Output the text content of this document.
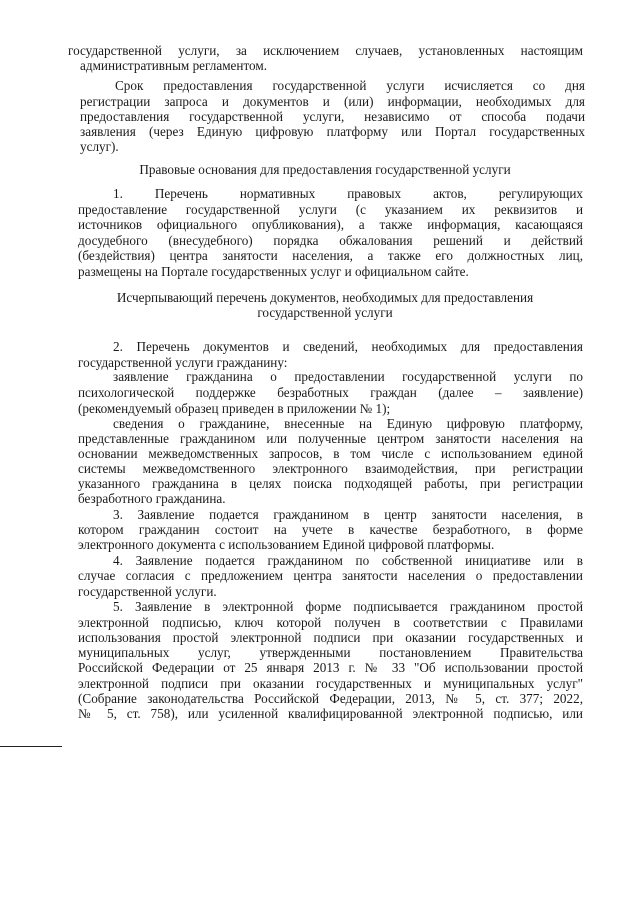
государственной услуги, за исключением случаев, установленных настоящим
административным регламентом.
Срок предоставления государственной услуги исчисляется со дня
регистрации запроса и документов и (или) информации, необходимых для
предоставления государственной услуги, независимо от способа подачи
заявления (через Единую цифровую платформу или Портал государственных
услуг).
Правовые основания для предоставления государственной услуги
1. Перечень нормативных правовых актов, регулирующих
предоставление государственной услуги (с указанием их реквизитов и
источников официального опубликования), а также информация, касающаяся
досудебного (внесудебного) порядка обжалования решений и действий
(бездействия) центра занятости населения, а также его должностных лиц,
размещены на Портале государственных услуг и официальном сайте.
Исчерпывающий перечень документов, необходимых для предоставления
государственной услуги
2. Перечень документов и сведений, необходимых для предоставления
государственной услуги гражданину:
заявление гражданина о предоставлении государственной услуги по
психологической поддержке безработных граждан (далее – заявление)
(рекомендуемый образец приведен в приложении № 1);
сведения о гражданине, внесенные на Единую цифровую платформу,
представленные гражданином или полученные центром занятости населения на
основании межведомственных запросов, в том числе с использованием единой
системы межведомственного электронного взаимодействия, при регистрации
указанного гражданина в целях поиска подходящей работы, при регистрации
безработного гражданина.
3. Заявление подается гражданином в центр занятости населения, в
котором гражданин состоит на учете в качестве безработного, в форме
электронного документа с использованием Единой цифровой платформы.
4. Заявление подается гражданином по собственной инициативе или в
случае согласия с предложением центра занятости населения о предоставлении
государственной услуги.
5. Заявление в электронной форме подписывается гражданином простой
электронной подписью, ключ которой получен в соответствии с Правилами
использования простой электронной подписи при оказании государственных и
муниципальных услуг, утвержденными постановлением Правительства
Российской Федерации от 25 января 2013 г. № 33 "Об использовании простой
электронной подписи при оказании государственных и муниципальных услуг"
(Собрание законодательства Российской Федерации, 2013, № 5, ст. 377; 2022,
№ 5, ст. 758), или усиленной квалифицированной электронной подписью, или
